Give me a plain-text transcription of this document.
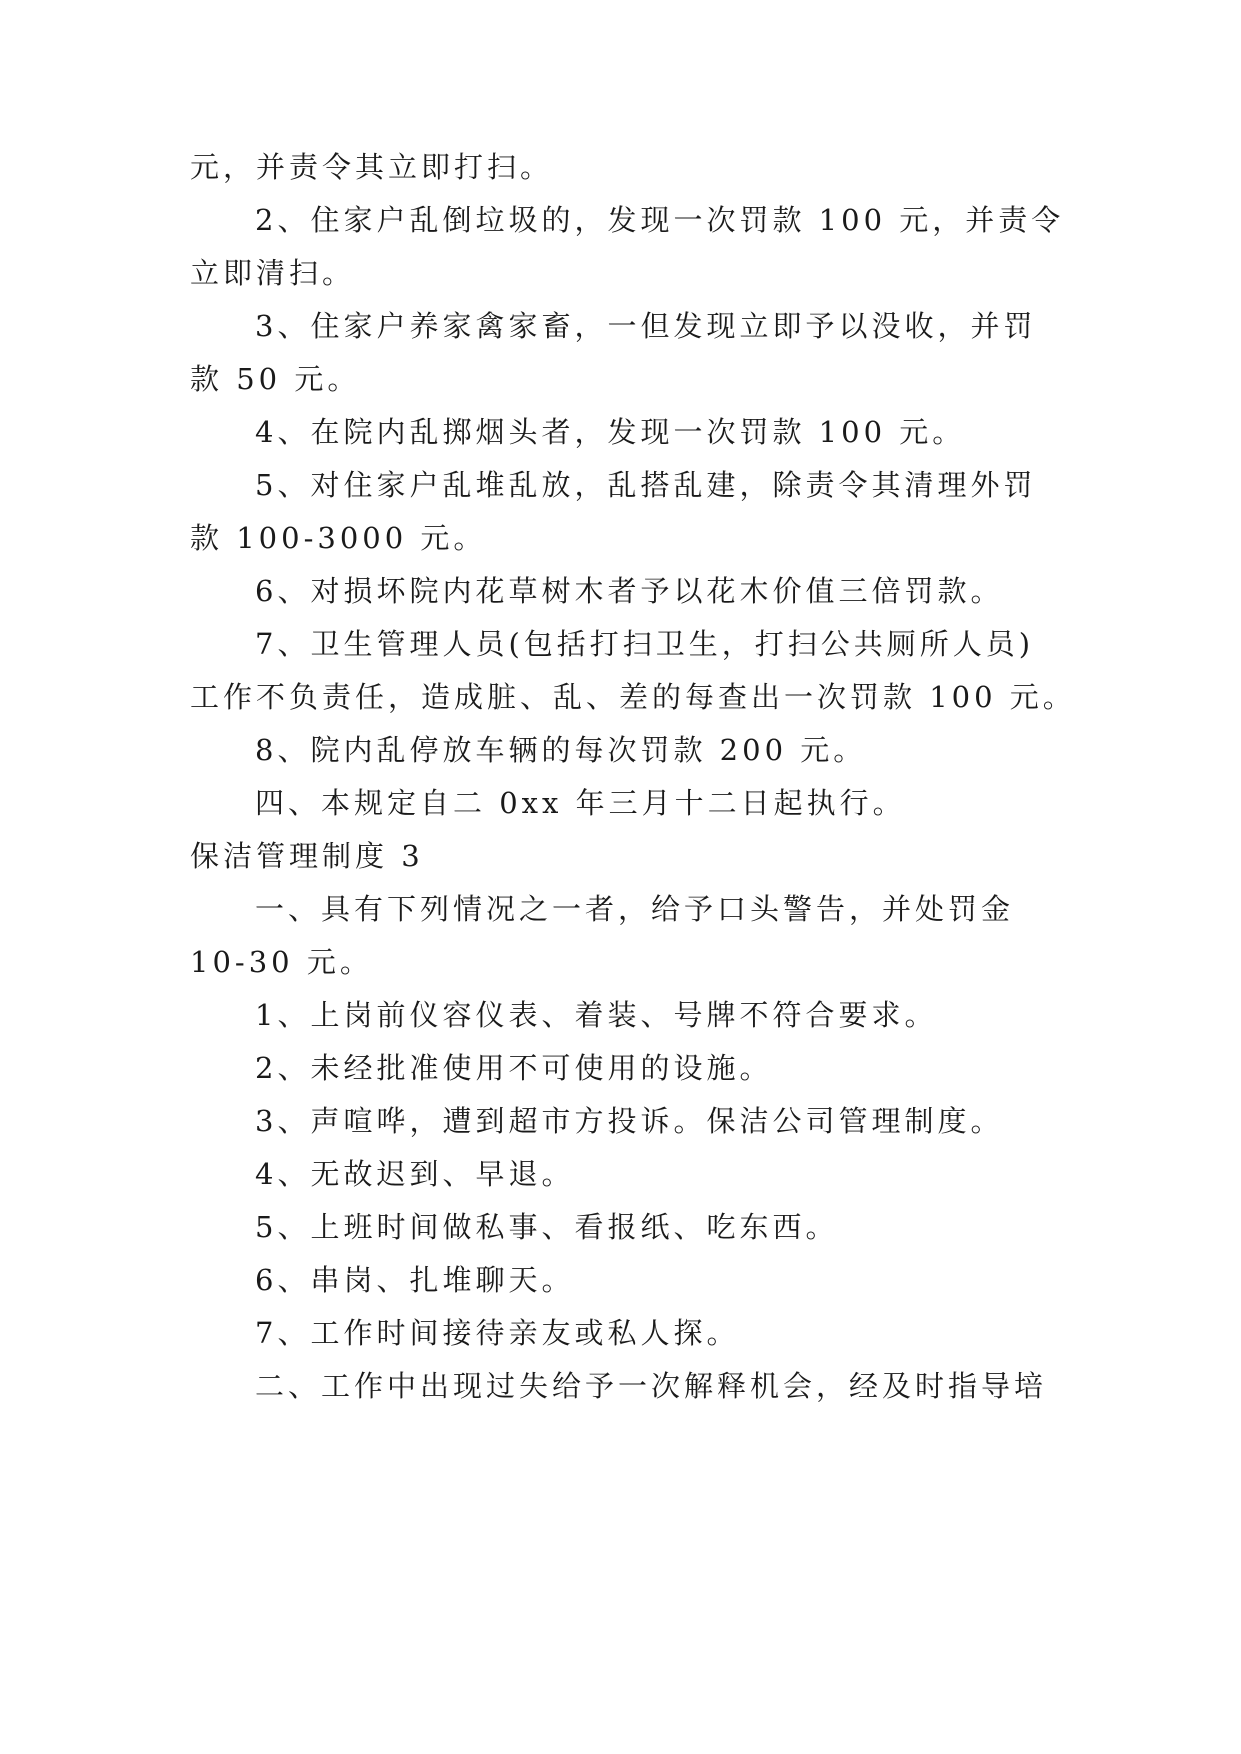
元，并责令其立即打扫。
2、住家户乱倒垃圾的，发现一次罚款 100 元，并责令
立即清扫。
3、住家户养家禽家畜，一但发现立即予以没收，并罚
款 50 元。
4、在院内乱掷烟头者，发现一次罚款 100 元。
5、对住家户乱堆乱放，乱搭乱建，除责令其清理外罚
款 100-3000 元。
6、对损坏院内花草树木者予以花木价值三倍罚款。
7、卫生管理人员(包括打扫卫生，打扫公共厕所人员)
工作不负责任，造成脏、乱、差的每查出一次罚款 100 元。
8、院内乱停放车辆的每次罚款 200 元。
四、本规定自二 0xx 年三月十二日起执行。
保洁管理制度 3
一、具有下列情况之一者，给予口头警告，并处罚金
10-30 元。
1、上岗前仪容仪表、着装、号牌不符合要求。
2、未经批准使用不可使用的设施。
3、声喧哗，遭到超市方投诉。保洁公司管理制度。
4、无故迟到、早退。
5、上班时间做私事、看报纸、吃东西。
6、串岗、扎堆聊天。
7、工作时间接待亲友或私人探。
二、工作中出现过失给予一次解释机会，经及时指导培
